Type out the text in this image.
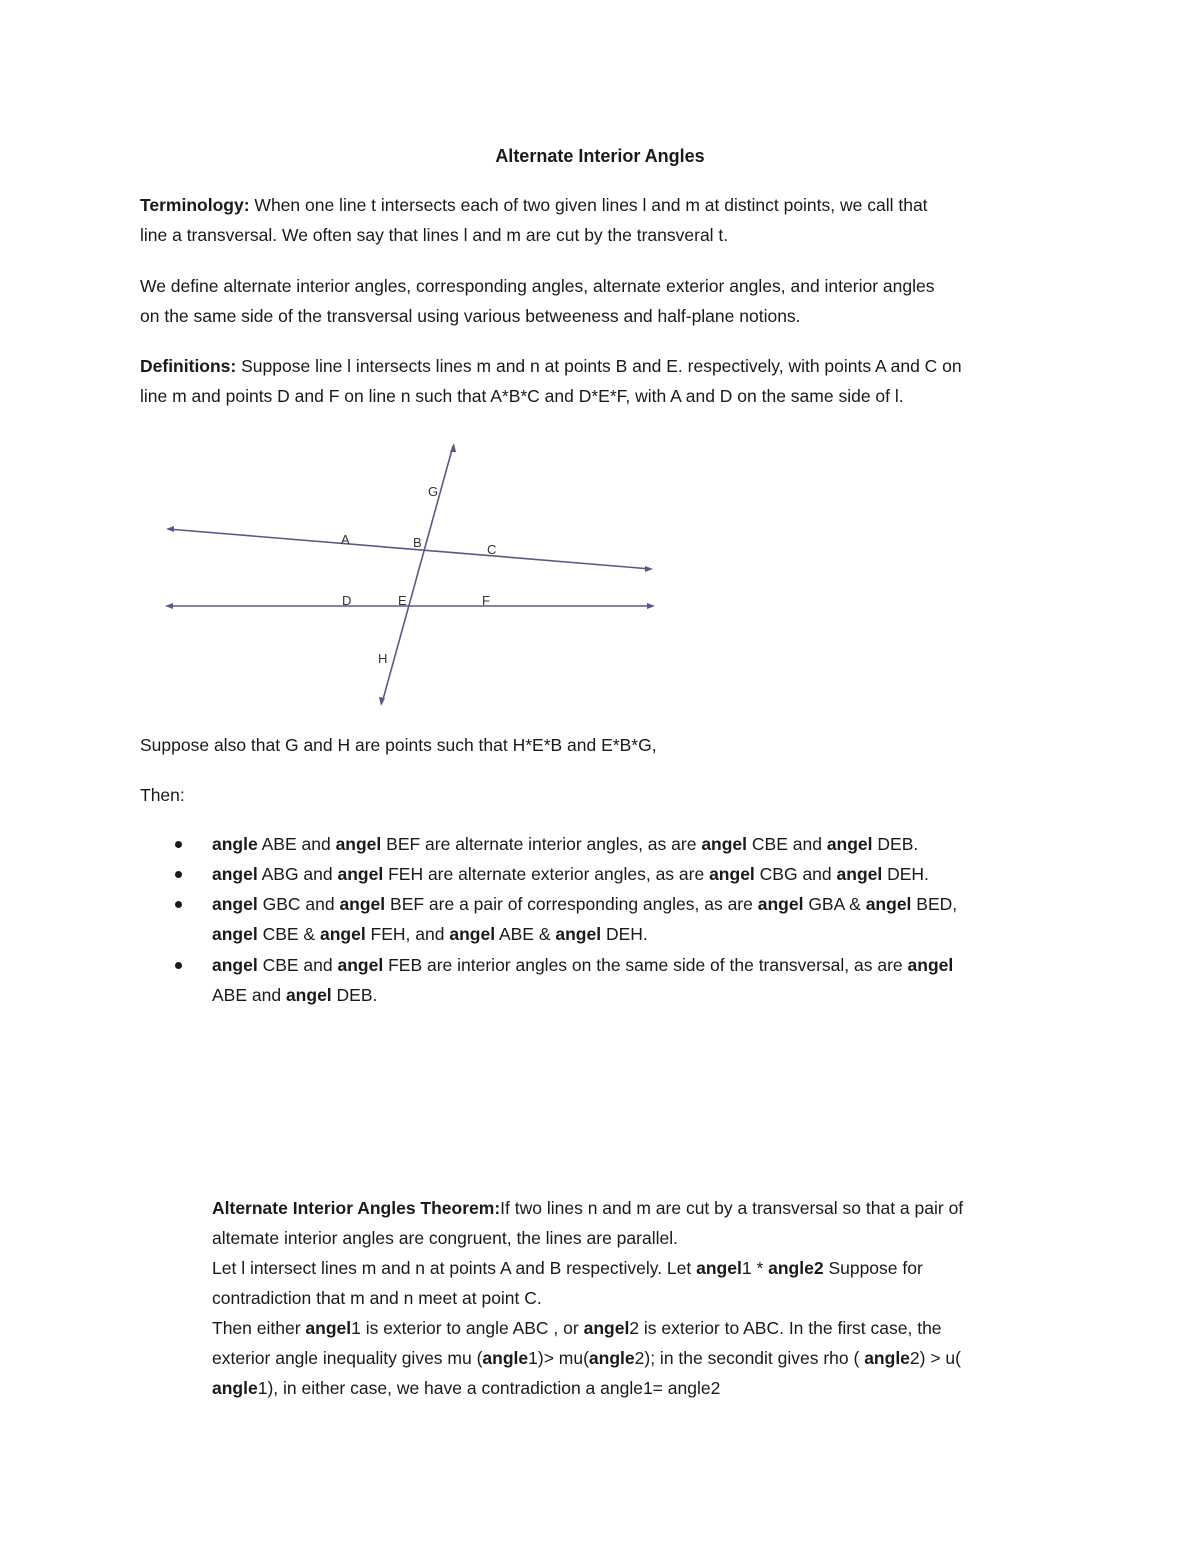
Alternate Interior Angles
Terminology: When one line t intersects each of two given lines l and m at distinct points, we call that
line a transversal. We often say that lines l and m are cut by the transveral t.
We define alternate interior angles, corresponding angles, alternate exterior angles, and interior angles
on the same side of the transversal using various betweeness and half-plane notions.
Definitions: Suppose line l intersects lines m and n at points B and E. respectively, with points A and C on
line m and points D and F on line n such that A*B*C and D*E*F, with A and D on the same side of l.
G
A	B	C
D	E	F
H
Suppose also that G and H are points such that H*E*B and E*B*G,
Then:
angle ABE and angel BEF are alternate interior angles, as are angel CBE and angel DEB.
angel ABG and angel FEH are alternate exterior angles, as are angel CBG and angel DEH.
angel GBC and angel BEF are a pair of corresponding angles, as are angel GBA & angel BED,
angel CBE & angel FEH, and angel ABE & angel DEH.
angel CBE and angel FEB are interior angles on the same side of the transversal, as are angel
ABE and angel DEB.
Alternate Interior Angles Theorem:If two lines n and m are cut by a transversal so that a pair of
altemate interior angles are congruent, the lines are parallel.
Let l intersect lines m and n at points A and B respectively. Let angel1 * angle2 Suppose for
contradiction that m and n meet at point C.
Then either angel1 is exterior to angle ABC , or angel2 is exterior to ABC. In the first case, the
exterior angle inequality gives mu (angle1)> mu(angle2); in the secondit gives rho ( angle2) > u(
angle1), in either case, we have a contradiction a angle1= angle2
